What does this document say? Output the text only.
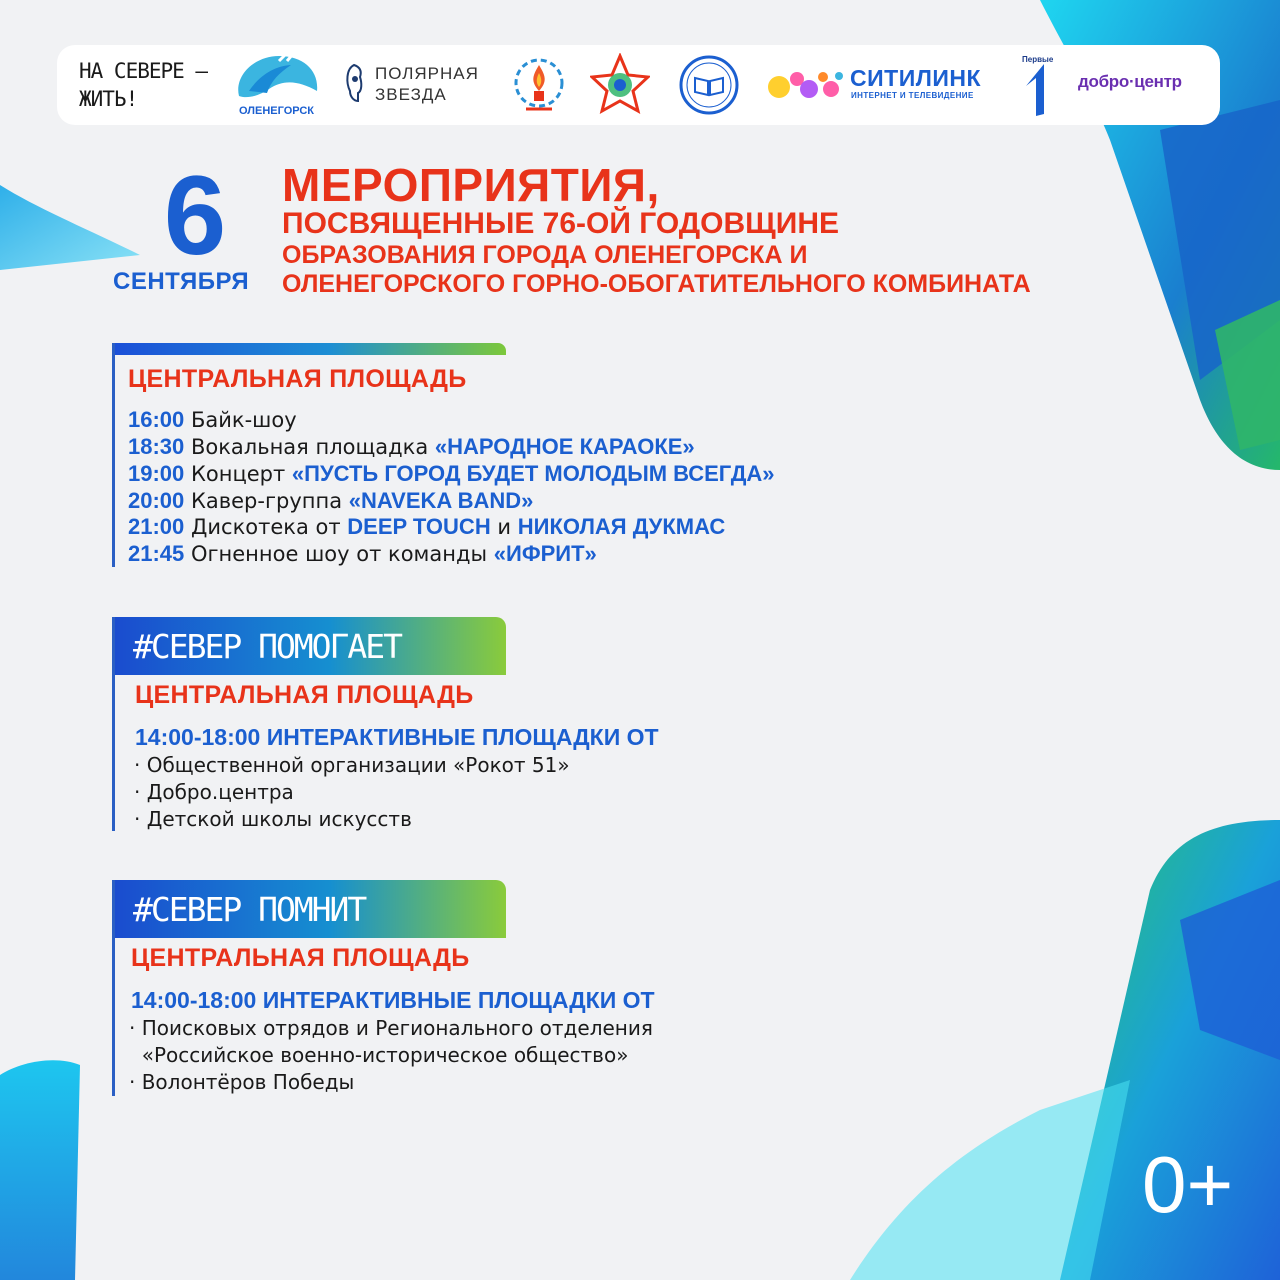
НА СЕВЕРЕ –
ЖИТЬ!	ОЛЕНЕГОРСК
ПОЛЯРНАЯ
ЗВЕЗДА
СИТИЛИНК
ИНТЕРНЕТ И ТЕЛЕВИДЕНИЕ
Первые
добро·центр
6
СЕНТЯБРЯ
МЕРОПРИЯТИЯ,
ПОСВЯЩЕННЫЕ 76-ОЙ ГОДОВЩИНЕ
ОБРАЗОВАНИЯ ГОРОДА ОЛЕНЕГОРСКА И
ОЛЕНЕГОРСКОГО ГОРНО-ОБОГАТИТЕЛЬНОГО КОМБИНАТА
ЦЕНТРАЛЬНАЯ ПЛОЩАДЬ
16:00 Байк-шоу
18:30 Вокальная площадка «НАРОДНОЕ КАРАОКЕ»
19:00 Концерт «ПУСТЬ ГОРОД БУДЕТ МОЛОДЫМ ВСЕГДА»
20:00 Кавер-группа «NAVEKA BAND»
21:00 Дискотека от DEEP TOUCH и НИКОЛАЯ ДУКМАС
21:45 Огненное шоу от команды «ИФРИТ»
#СЕВЕР ПОМОГАЕТ
ЦЕНТРАЛЬНАЯ ПЛОЩАДЬ
14:00-18:00 ИНТЕРАКТИВНЫЕ ПЛОЩАДКИ ОТ
· Общественной организации «Рокот 51»
· Добро.центра
· Детской школы искусств
#СЕВЕР ПОМНИТ
ЦЕНТРАЛЬНАЯ ПЛОЩАДЬ
14:00-18:00 ИНТЕРАКТИВНЫЕ ПЛОЩАДКИ ОТ
· Поисковых отрядов и Регионального отделения
«Российское военно-историческое общество»
· Волонтёров Победы
0+
